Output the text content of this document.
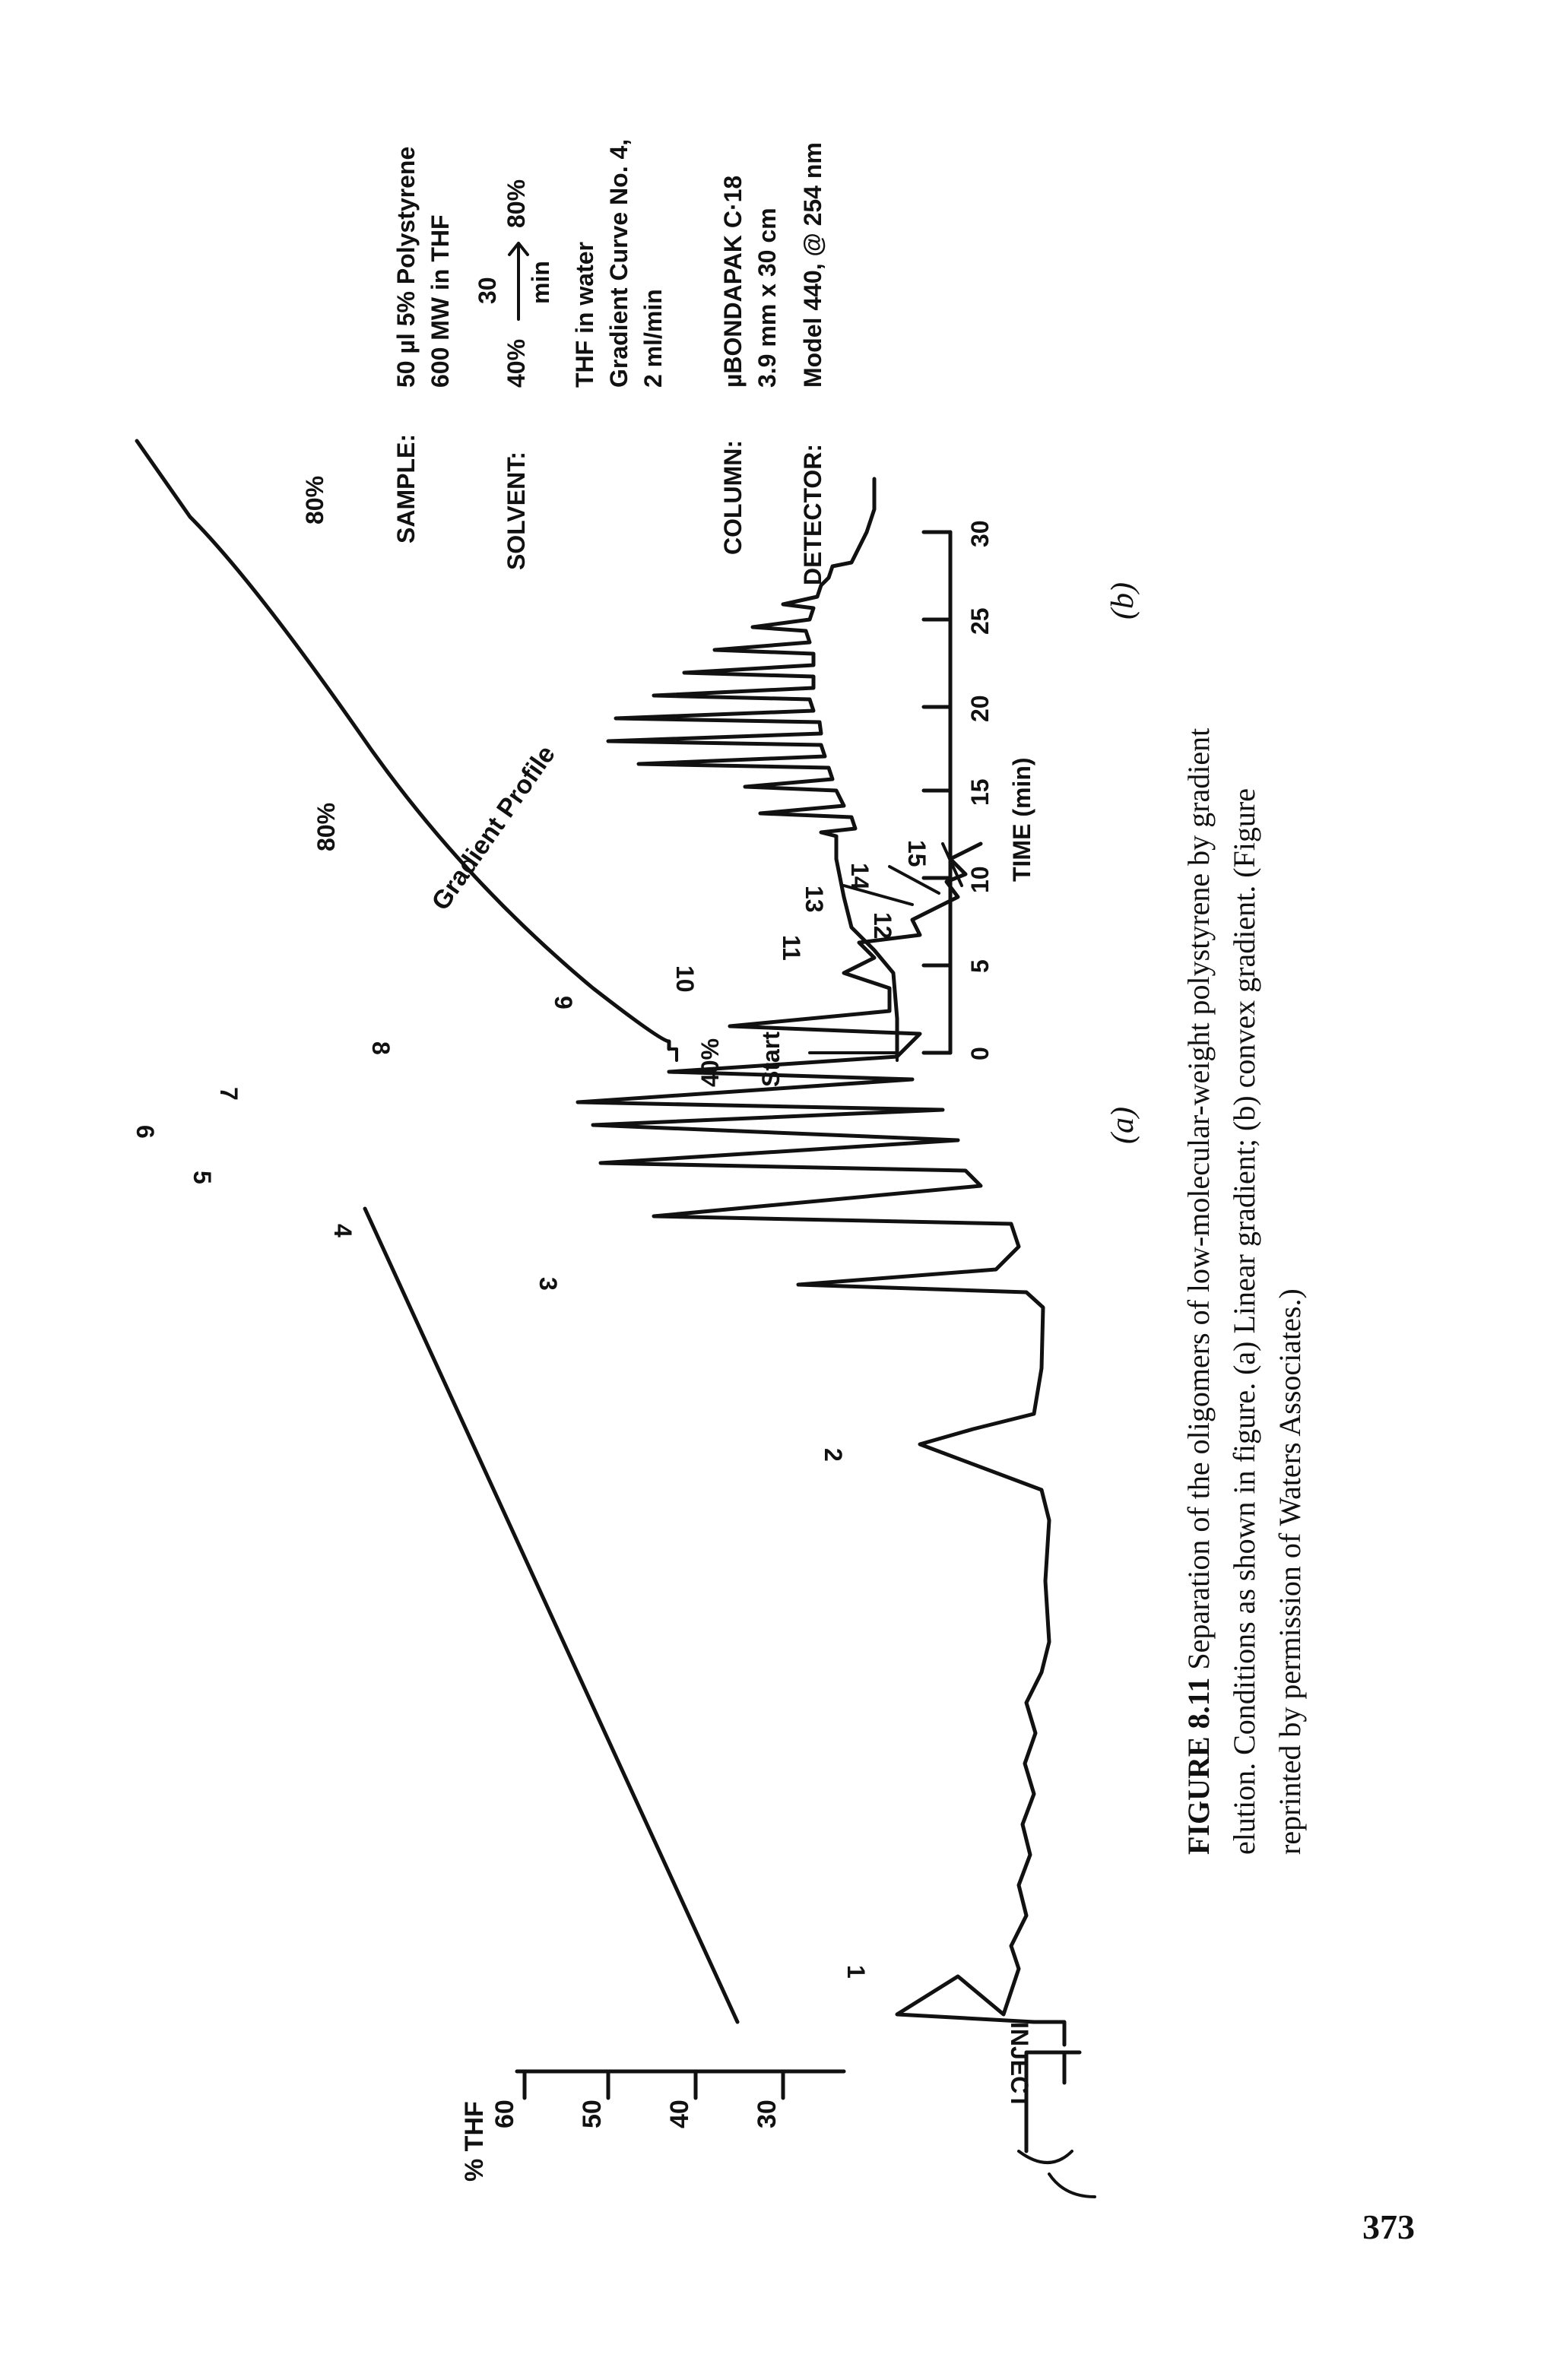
% THF 60 50 40 30
INJECT
1
2
3
4
5
6
7
8
9
10
11
12
13
14
15
(a)
Gradient Profile
40%
80%
80%
Start	0
5
10
15
20
25
30
TIME (min)
SAMPLE:
50 µl 5% Polystyrene 600 MW in THF
SOLVENT:
40%
30 min
80%
THF in water Gradient Curve No. 4, 2 ml/min
COLUMN:
µBONDAPAK C·18 3.9 mm x 30 cm
DETECTOR:
Model 440, @ 254 nm
(b)
FIGURE 8.11 Separation of the oligomers of low-molecular-weight polystyrene by gradient elution. Conditions as shown in figure. (a) Linear gradient; (b) convex gradient. (Figure reprinted by permission of Waters Associates.)
373
